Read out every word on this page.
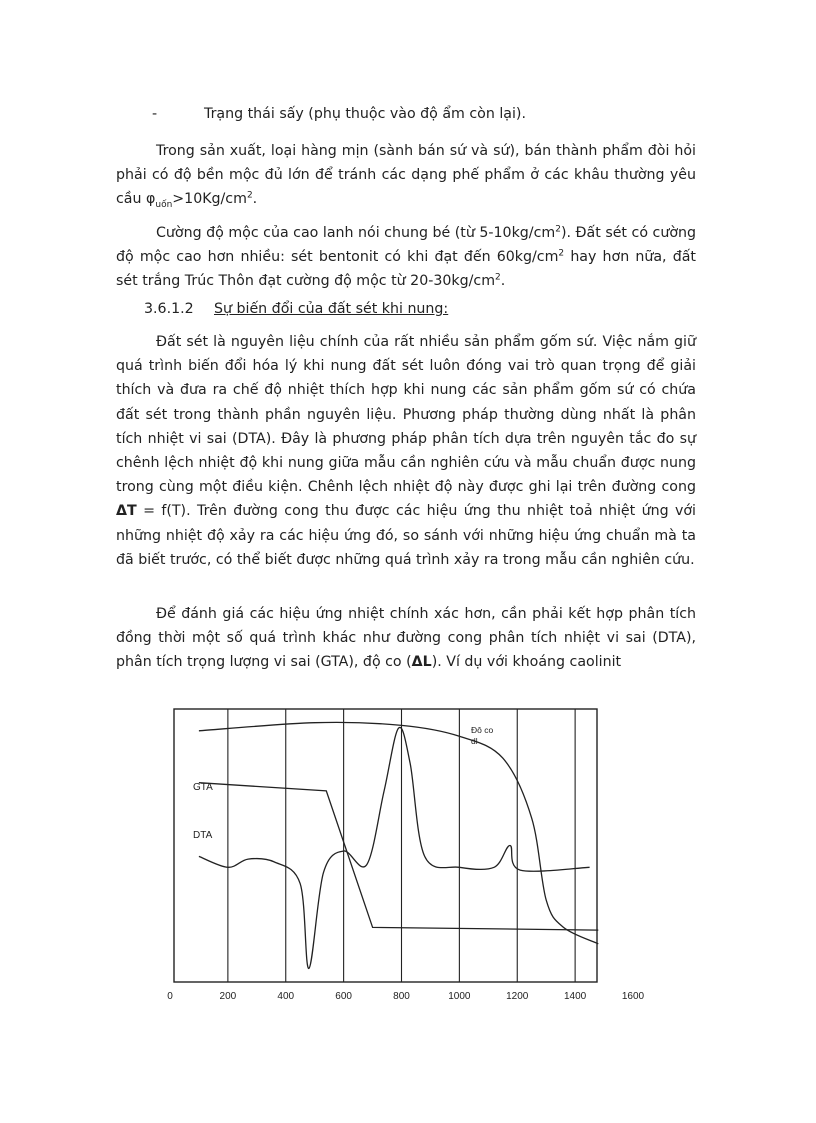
-	Trạng thái sấy (phụ thuộc vào độ ẩm còn lại).

Trong sản xuất, loại hàng mịn (sành bán sứ và sứ), bán thành phẩm đòi hỏi phải có độ bền mộc đủ lớn để tránh các dạng phế phẩm ở các khâu thường yêu cầu $\varphi_{uốn}>10Kg/cm^2$.

Cường độ mộc của cao lanh nói chung bé (từ $5-10kg/cm^2$). Đất sét có cường độ mộc cao hơn nhiều: sét bentonit có khi đạt đến $60kg/cm^2$ hay hơn nữa, đất sét trắng Trúc Thôn đạt cường độ mộc từ $20-30kg/cm^2$.

3.6.1.2 Sự biến đổi của đất sét khi nung:

Đất sét là nguyên liệu chính của rất nhiều sản phẩm gốm sứ. Việc nắm giữ quá trình biến đổi hóa lý khi nung đất sét luôn đóng vai trò quan trọng để giải thích và đưa ra chế độ nhiệt thích hợp khi nung các sản phẩm gốm sứ có chứa đất sét trong thành phần nguyên liệu. Phương pháp thường dùng nhất là phân tích nhiệt vi sai (DTA). Đây là phương pháp phân tích dựa trên nguyên tắc đo sự chênh lệch nhiệt độ khi nung giữa mẫu cần nghiên cứu và mẫu chuẩn được nung trong cùng một điều kiện. Chênh lệch nhiệt độ này được ghi lại trên đường cong ΔT = f(T). Trên đường cong thu được các hiệu ứng thu nhiệt toả nhiệt ứng với những nhiệt độ xảy ra các hiệu ứng đó, so sánh với những hiệu ứng chuẩn mà ta đã biết trước, có thể biết được những quá trình xảy ra trong mẫu cần nghiên cứu.

Để đánh giá các hiệu ứng nhiệt chính xác hơn, cần phải kết hợp phân tích đồng thời một số quá trình khác như đường cong phân tích nhiệt vi sai (DTA), phân tích trọng lượng vi sai (GTA), độ co (ΔL). Ví dụ với khoáng caolinit

0	200	400	600	800	1000	1200	1400	1600
GTA
DTA
Đô co dl
